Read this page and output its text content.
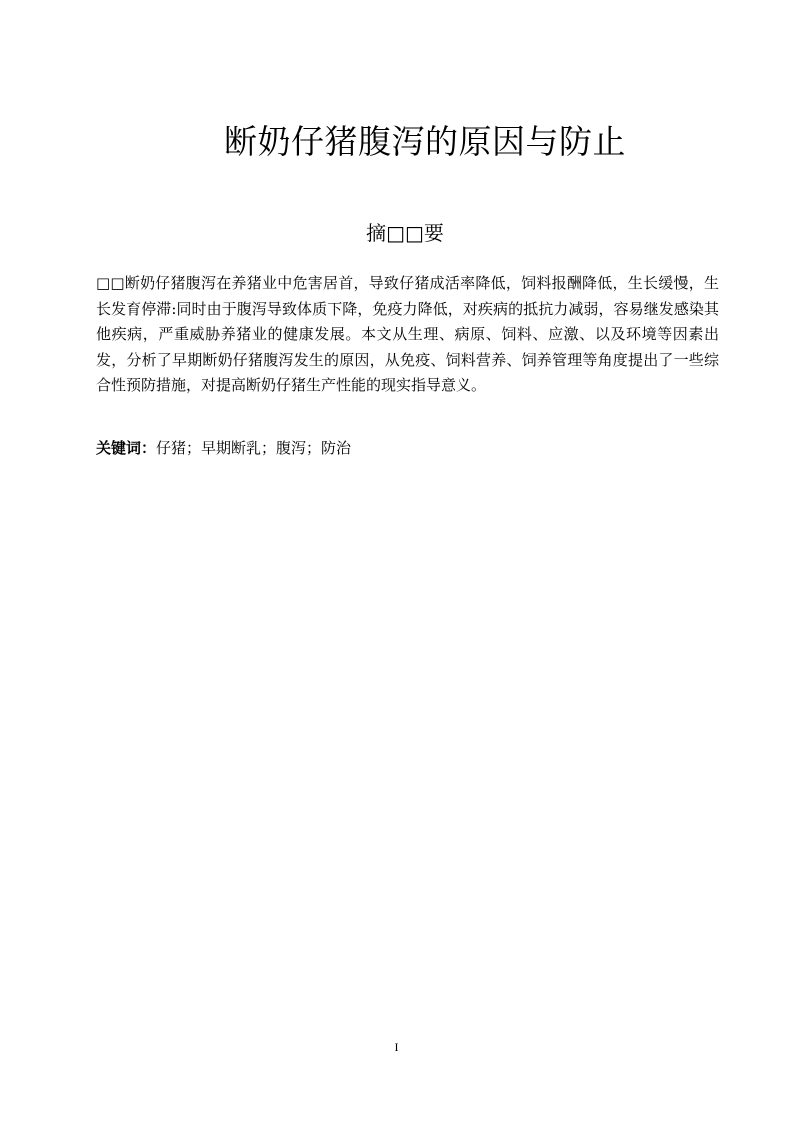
断奶仔猪腹泻的原因与防止
摘□□要

□□断奶仔猪腹泻在养猪业中危害居首，导致仔猪成活率降低，饲料报酬降低，生长缓慢，生长发育停滞:同时由于腹泻导致体质下降，免疫力降低，对疾病的抵抗力减弱，容易继发感染其他疾病，严重威胁养猪业的健康发展。本文从生理、病原、饲料、应激、以及环境等因素出发，分析了早期断奶仔猪腹泻发生的原因，从免疫、饲料营养、饲养管理等角度提出了一些综合性预防措施，对提高断奶仔猪生产性能的现实指导意义。

关键词：仔猪；早期断乳；腹泻；防治

I
